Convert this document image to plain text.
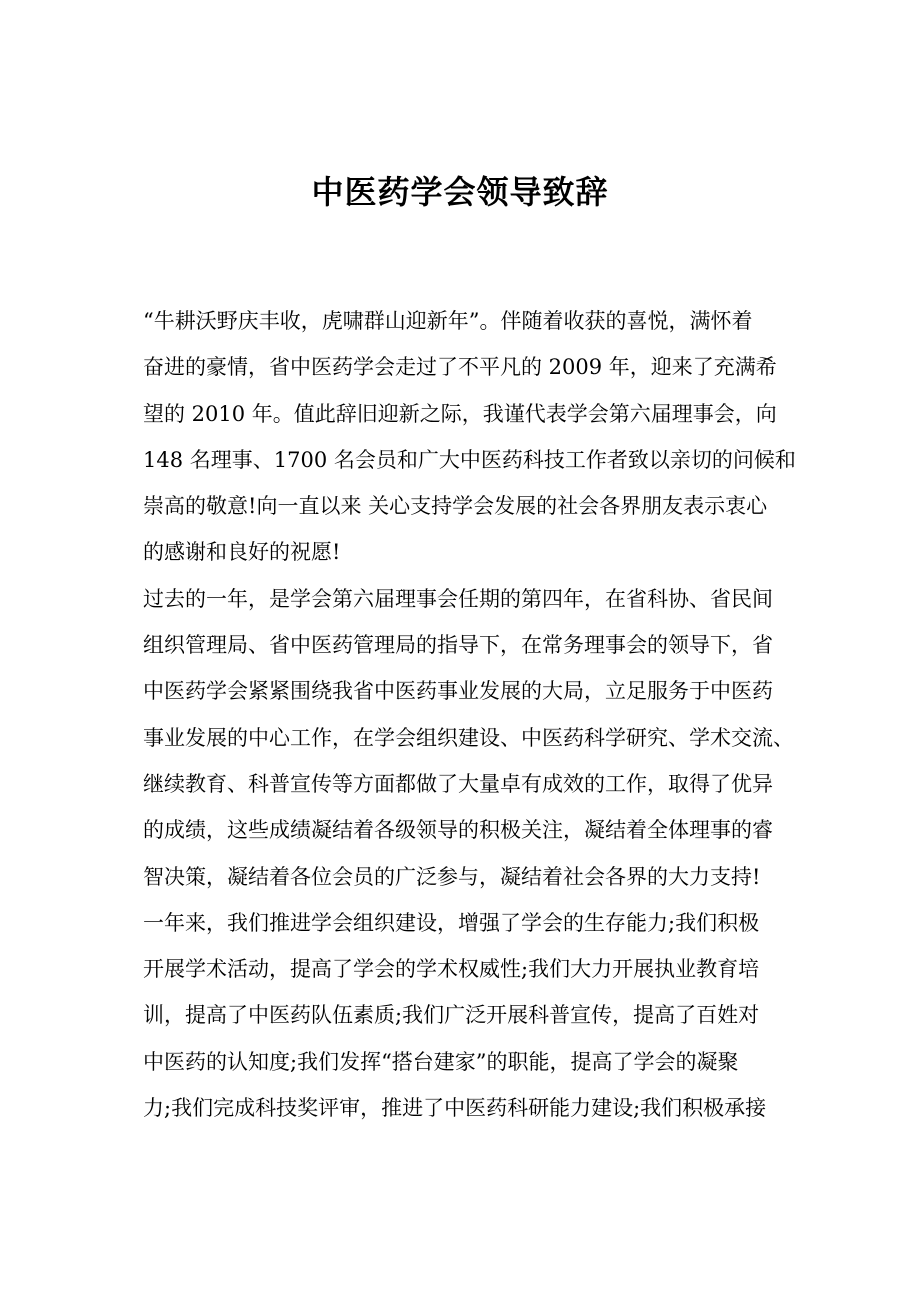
中医药学会领导致辞
“牛耕沃野庆丰收，虎啸群山迎新年”。伴随着收获的喜悦，满怀着
奋进的豪情，省中医药学会走过了不平凡的 2009 年，迎来了充满希
望的 2010 年。值此辞旧迎新之际，我谨代表学会第六届理事会，向
148 名理事、1700 名会员和广大中医药科技工作者致以亲切的问候和
崇高的敬意!向一直以来 关心支持学会发展的社会各界朋友表示衷心
的感谢和良好的祝愿!
过去的一年，是学会第六届理事会任期的第四年，在省科协、省民间
组织管理局、省中医药管理局的指导下，在常务理事会的领导下，省
中医药学会紧紧围绕我省中医药事业发展的大局，立足服务于中医药
事业发展的中心工作，在学会组织建设、中医药科学研究、学术交流、
继续教育、科普宣传等方面都做了大量卓有成效的工作，取得了优异
的成绩，这些成绩凝结着各级领导的积极关注，凝结着全体理事的睿
智决策，凝结着各位会员的广泛参与，凝结着社会各界的大力支持!
一年来，我们推进学会组织建设，增强了学会的生存能力;我们积极
开展学术活动，提高了学会的学术权威性;我们大力开展执业教育培
训，提高了中医药队伍素质;我们广泛开展科普宣传，提高了百姓对
中医药的认知度;我们发挥“搭台建家”的职能，提高了学会的凝聚
力;我们完成科技奖评审，推进了中医药科研能力建设;我们积极承接
